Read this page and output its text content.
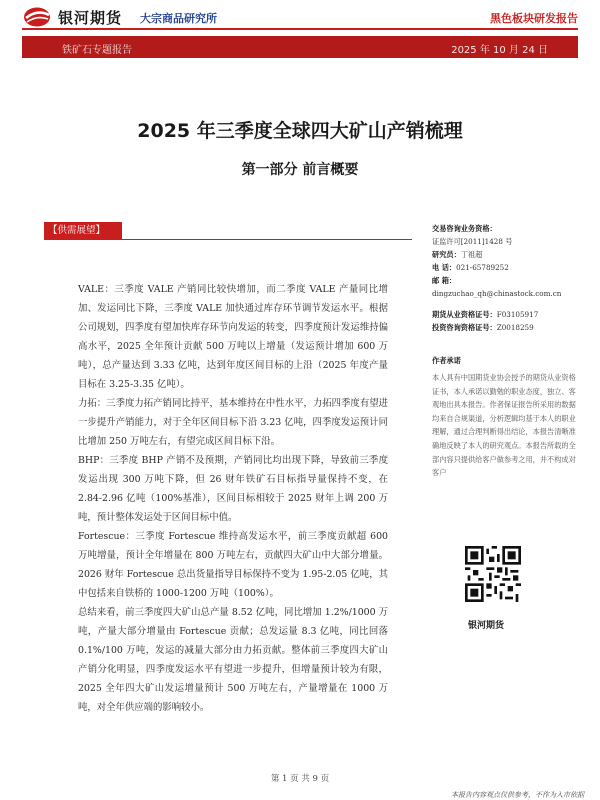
银河期货 大宗商品研究所	黑色板块研发报告
铁矿石专题报告	2025 年 10 月 24 日
2025 年三季度全球四大矿山产销梳理
第一部分 前言概要
【供需展望】

VALE：三季度 VALE 产销同比较快增加，而二季度 VALE 产量同比增加、发运同比下降，三季度 VALE 加快通过库存环节调节发运水平。根据公司规划，四季度有望加快库存环节向发运的转变，四季度预计发运维持偏高水平，2025 全年预计贡献 500 万吨以上增量（发运预计增加 600 万吨），总产量达到 3.33 亿吨，达到年度区间目标的上沿（2025 年度产量目标在 3.25-3.35 亿吨）。

力拓：三季度力拓产销同比持平，基本维持在中性水平，力拓四季度有望进一步提升产销能力，对于全年区间目标下沿 3.23 亿吨，四季度发运预计同比增加 250 万吨左右，有望完成区间目标下沿。

BHP：三季度 BHP 产销不及预期，产销同比均出现下降，导致前三季度发运出现 300 万吨下降，但 26 财年铁矿石目标指导量保持不变，在 2.84-2.96 亿吨（100%基准），区间目标相较于 2025 财年上调 200 万吨，预计整体发运处于区间目标中值。

Fortescue：三季度 Fortescue 维持高发运水平，前三季度贡献超 600 万吨增量，预计全年增量在 800 万吨左右，贡献四大矿山中大部分增量。2026 财年 Fortescue 总出货量指导目标保持不变为 1.95-2.05 亿吨，其中包括来自铁桥的 1000-1200 万吨（100%）。

总结来看，前三季度四大矿山总产量 8.52 亿吨，同比增加 1.2%/1000 万吨，产量大部分增量由 Fortescue 贡献；总发运量 8.3 亿吨，同比回落 0.1%/100 万吨，发运的减量大部分由力拓贡献。整体前三季度四大矿山产销分化明显，四季度发运水平有望进一步提升，但增量预计较为有限，2025 全年四大矿山发运增量预计 500 万吨左右，产量增量在 1000 万吨，对全年供应端的影响较小。

交易咨询业务资格：
证监许可[2011]1428 号
研究员：丁祖超
电 话：021-65789252
邮 箱：
dingzuchao_qh@chinastock.com.cn
期货从业资格证号：F03105917
投资咨询资格证号：Z0018259
作者承诺
本人具有中国期货业协会授予的期货从业资格证书，本人承诺以勤勉的职业态度，独立、客观地出具本报告。作者保证报告所采用的数据均来自合规渠道，分析逻辑均基于本人的职业理解，通过合理判断得出结论，本报告清晰准确地反映了本人的研究观点。本报告所载的全部内容只提供给客户做参考之用，并不构成对客户
银河期货
第 1 页 共 9 页
本报告内容观点仅供参考，不作为入市依据
